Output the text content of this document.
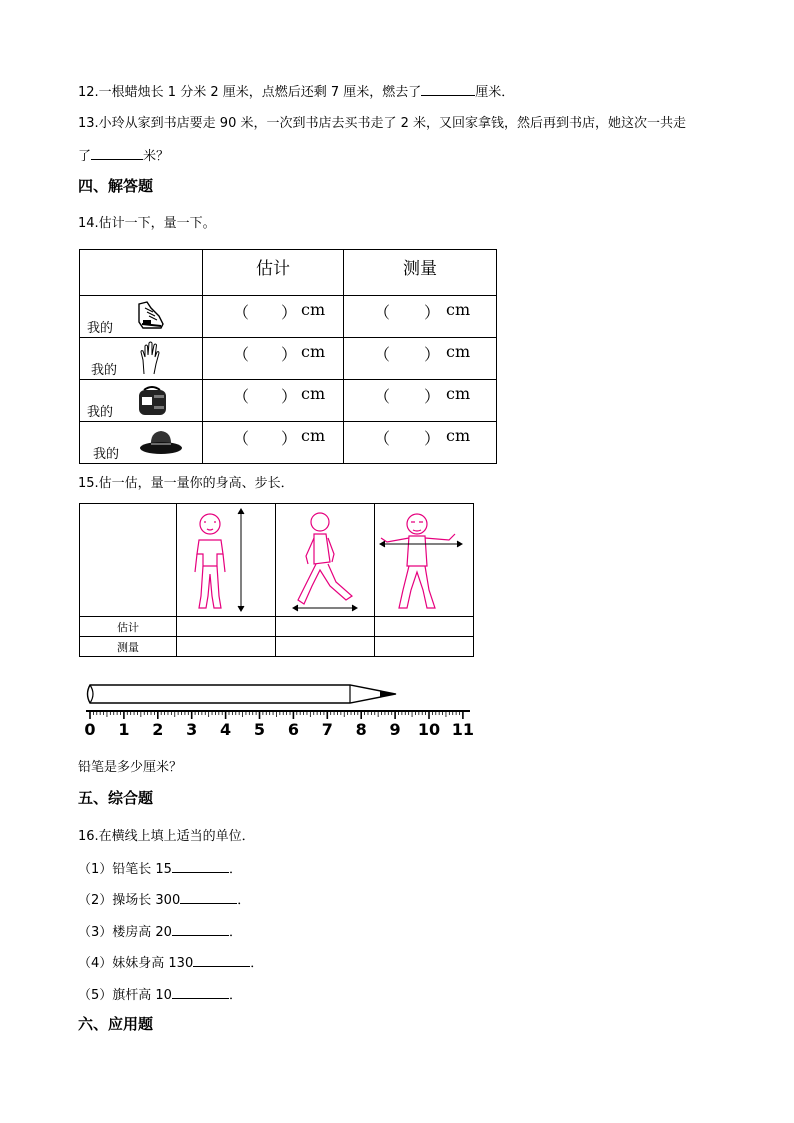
12.一根蜡烛长 1 分米 2 厘米，点燃后还剩 7 厘米，燃去了	厘米．
13.小玲从家到书店要走 90 米，一次到书店去买书走了 2 米，又回家拿钱，然后再到书店，她这次一共走
了	米？
四、解答题
14.估计一下，量一下。
	估计	测量

我的	（ ） cm	（ ） cm

我的	（ ） cm	（ ） cm

我的	（ ） cm	（ ） cm

我的	（ ） cm	（ ） cm
15.估一估，量一量你的身高、步长．

估计			
测量			
0 1 2 3 4 5 6 7 8 9 10 11
铅笔是多少厘米？
五、综合题
16.在横线上填上适当的单位．
（1）铅笔长 15	．
（2）操场长 300	．
（3）楼房高 20	．
（4）妹妹身高 130	．
（5）旗杆高 10	．
六、应用题
